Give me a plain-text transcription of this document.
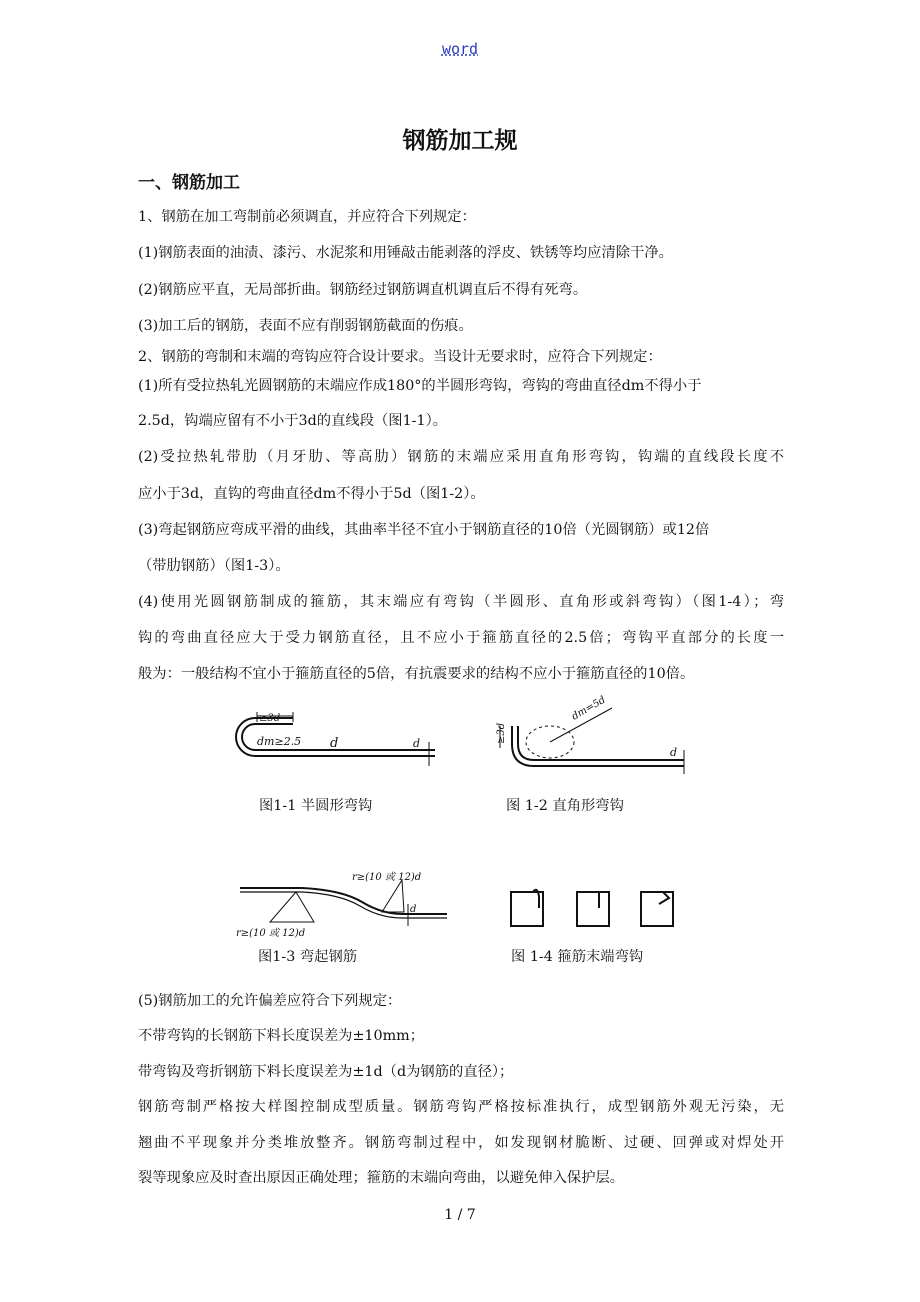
word
钢筋加工规
一、钢筋加工
1、钢筋在加工弯制前必须调直，并应符合下列规定：
(1)钢筋表面的油渍、漆污、水泥浆和用锤敲击能剥落的浮皮、铁锈等均应清除干净。
(2)钢筋应平直，无局部折曲。钢筋经过钢筋调直机调直后不得有死弯。
(3)加工后的钢筋，表面不应有削弱钢筋截面的伤痕。
2、钢筋的弯制和末端的弯钩应符合设计要求。当设计无要求时，应符合下列规定：
(1)所有受拉热轧光圆钢筋的末端应作成180°的半圆形弯钩，弯钩的弯曲直径dm不得小于
2.5d，钩端应留有不小于3d的直线段（图1-1）。
(2)受拉热轧带肋（月牙肋、等高肋）钢筋的末端应采用直角形弯钩，钩端的直线段长度不
应小于3d，直钩的弯曲直径dm不得小于5d（图1-2）。
(3)弯起钢筋应弯成平滑的曲线，其曲率半径不宜小于钢筋直径的10倍（光圆钢筋）或12倍
（带肋钢筋）（图1-3）。
(4)使用光圆钢筋制成的箍筋，其末端应有弯钩（半圆形、直角形或斜弯钩）（图1-4）；弯
钩的弯曲直径应大于受力钢筋直径，且不应小于箍筋直径的2.5倍；弯钩平直部分的长度一
般为：一般结构不宜小于箍筋直径的5倍，有抗震要求的结构不应小于箍筋直径的10倍。
≥3d
dm≥2.5 d	d
图1-1 半圆形弯钩
≥3d
dm=5d
d
图 1-2 直角形弯钩
r≥(10 或 12)d
r≥(10 或 12)d
d
图1-3 弯起钢筋	图 1-4 箍筋末端弯钩
(5)钢筋加工的允许偏差应符合下列规定：
不带弯钩的长钢筋下料长度误差为±10mm；
带弯钩及弯折钢筋下料长度误差为±1d（d为钢筋的直径）；
钢筋弯制严格按大样图控制成型质量。钢筋弯钩严格按标准执行，成型钢筋外观无污染，无
翘曲不平现象并分类堆放整齐。钢筋弯制过程中，如发现钢材脆断、过硬、回弹或对焊处开
裂等现象应及时查出原因正确处理；箍筋的末端向弯曲，以避免伸入保护层。
1 / 7
